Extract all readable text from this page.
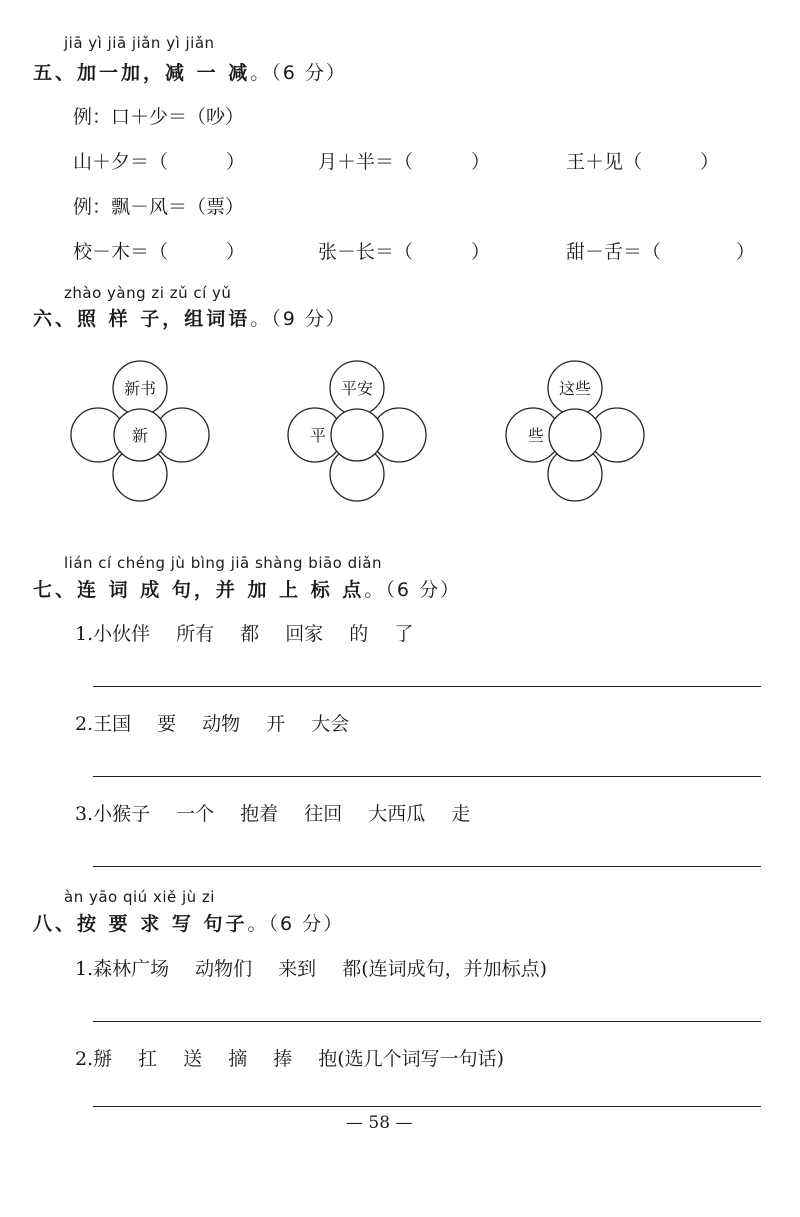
jiā yì jiā jiǎn yì jiǎn
五、加一加，减 一 减。（6 分）
例：口＋少＝（吵）
山＋夕＝（	）	月＋半＝（	）	王＋见（	）
例：飘－风＝（票）
校－木＝（	）	张－长＝（	）	甜－舌＝（	）
zhào yàng zi zǔ cí yǔ
六、照 样 子，组词语。（9 分）
新书
新
平安
平
这些
些
lián cí chéng jù bìng jiā shàng biāo diǎn
七、连 词 成 句，并 加 上 标 点。（6 分）
1.小伙伴 所有 都 回家 的 了
2.王国 要 动物 开 大会
3.小猴子 一个 抱着 往回 大西瓜 走
àn yāo qiú xiě jù zi
八、按 要 求 写 句子。（6 分）
1.森林广场 动物们 来到 都(连词成句，并加标点)
2.掰 扛 送 摘 捧 抱(选几个词写一句话)
— 58 —
